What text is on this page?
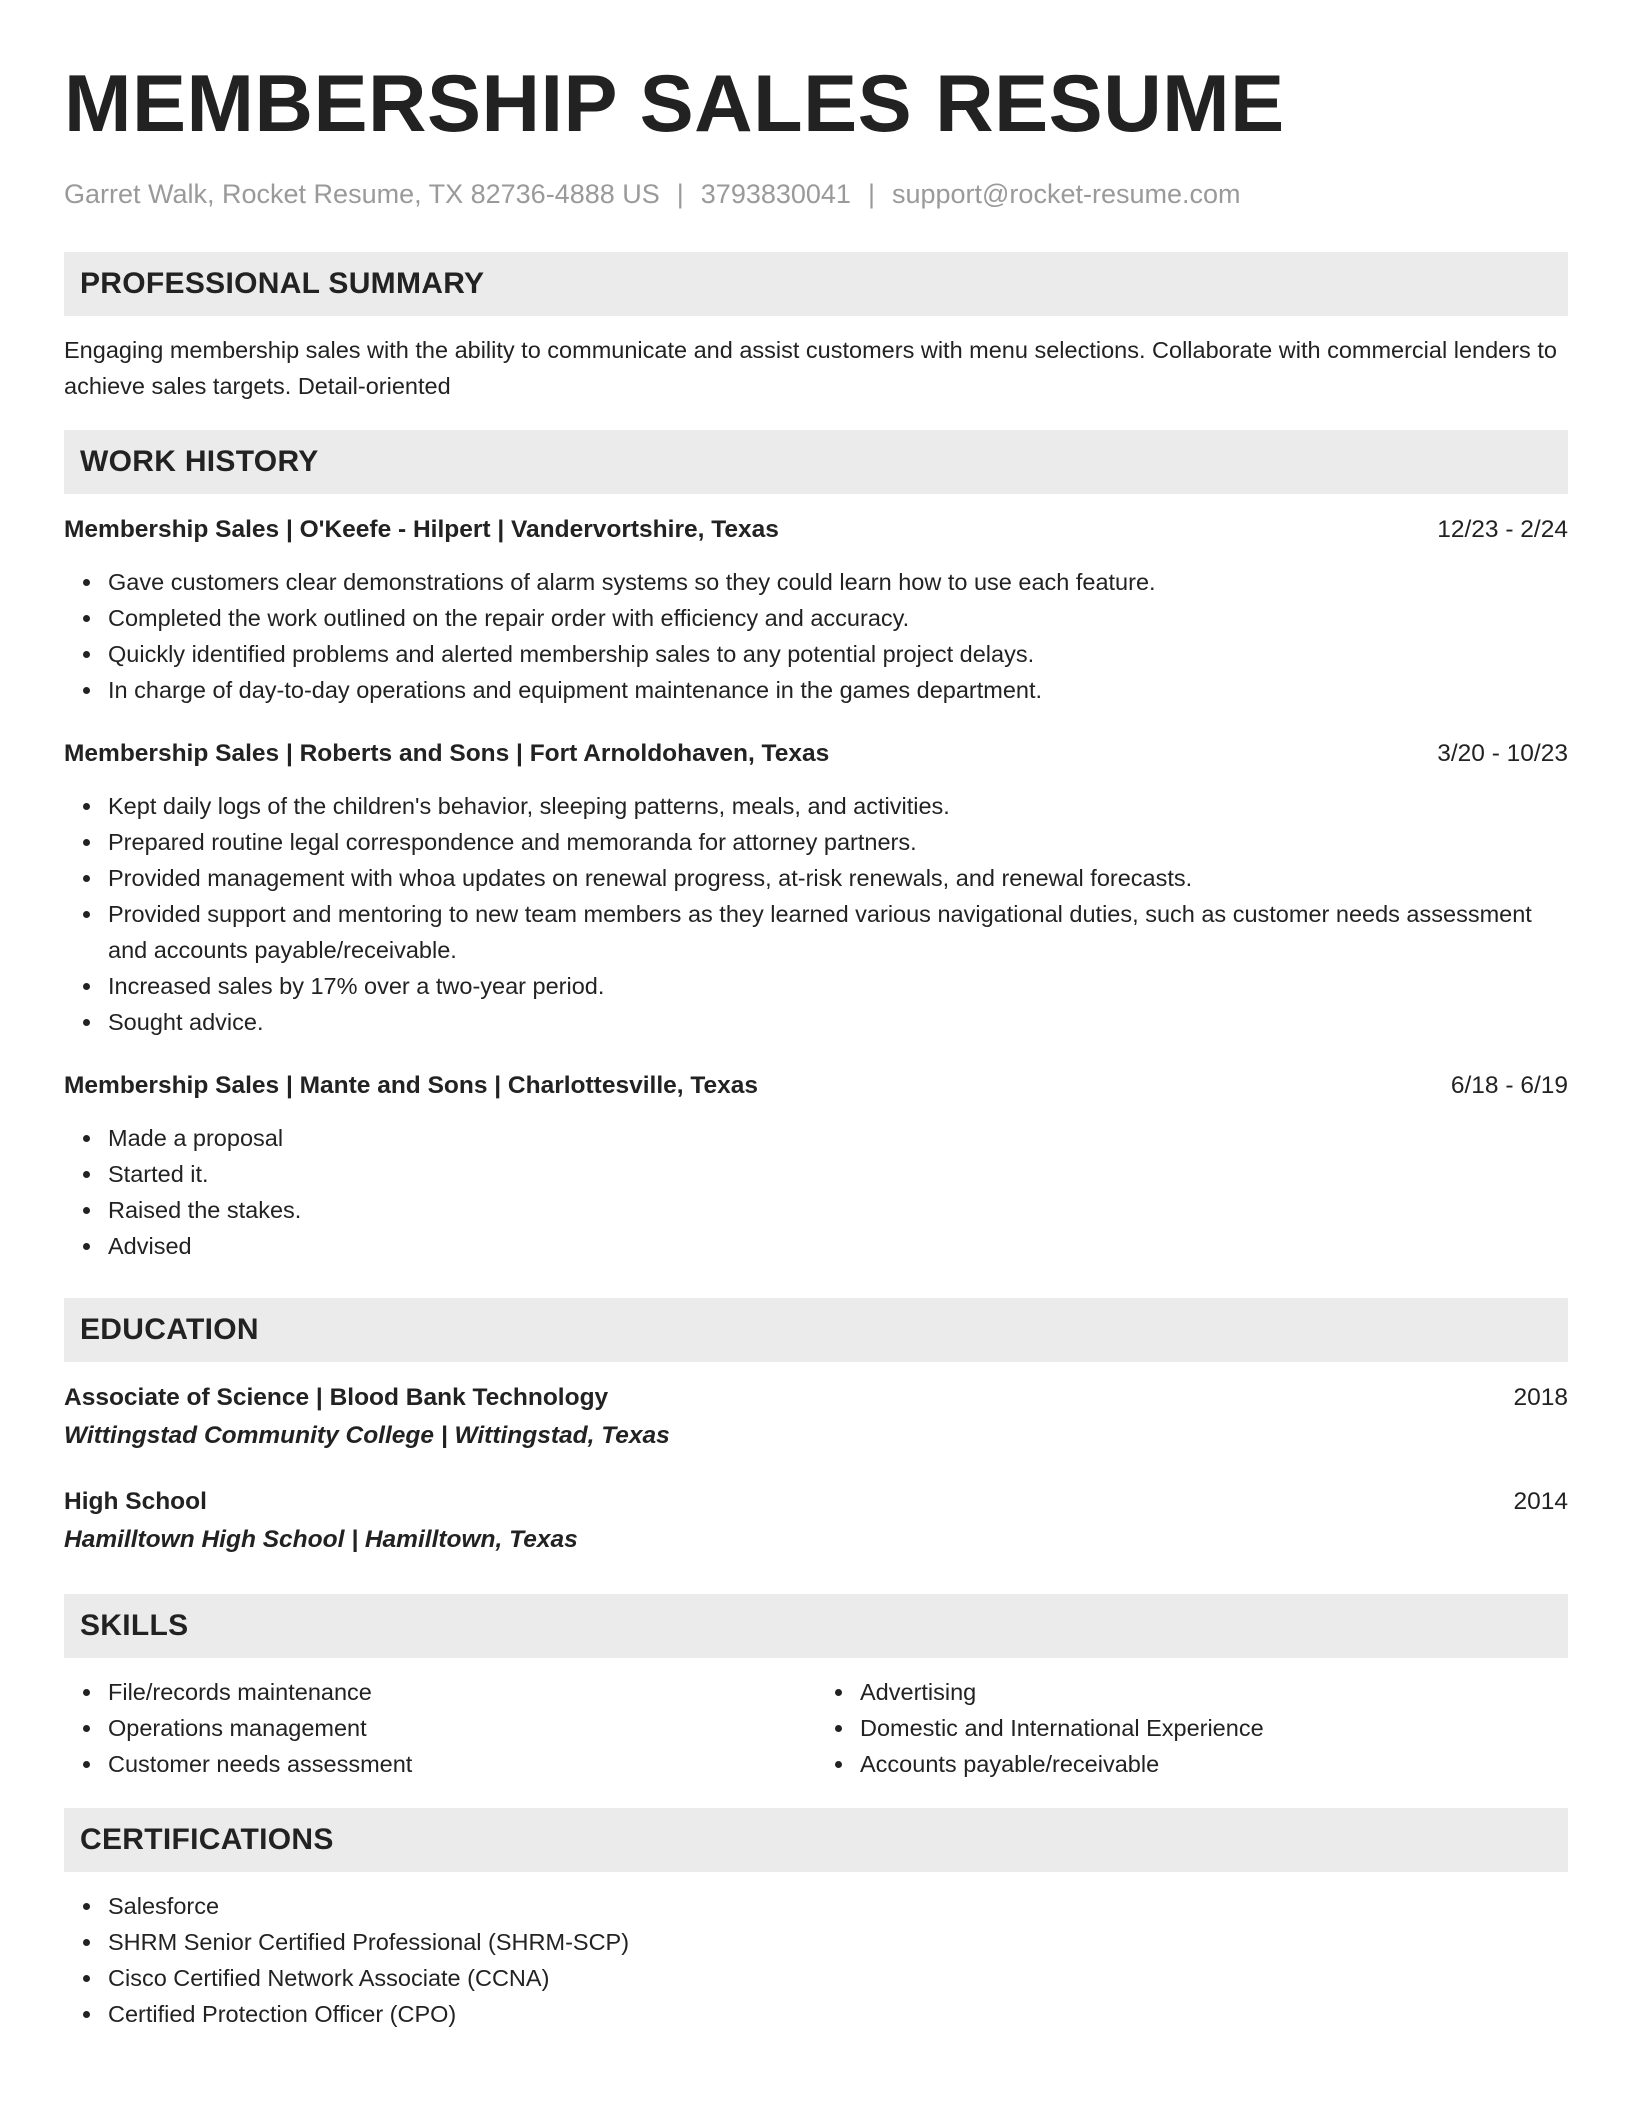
MEMBERSHIP SALES RESUME
Garret Walk, Rocket Resume, TX 82736-4888 US | 3793830041 | support@rocket-resume.com
PROFESSIONAL SUMMARY

Engaging membership sales with the ability to communicate and assist customers with menu selections. Collaborate with commercial lenders to achieve sales targets. Detail-oriented

WORK HISTORY
Membership Sales | O'Keefe - Hilpert | Vandervortshire, Texas	12/23 - 2/24
Gave customers clear demonstrations of alarm systems so they could learn how to use each feature.
Completed the work outlined on the repair order with efficiency and accuracy.
Quickly identified problems and alerted membership sales to any potential project delays.
In charge of day-to-day operations and equipment maintenance in the games department.
Membership Sales | Roberts and Sons | Fort Arnoldohaven, Texas	3/20 - 10/23
Kept daily logs of the children's behavior, sleeping patterns, meals, and activities.
Prepared routine legal correspondence and memoranda for attorney partners.
Provided management with whoa updates on renewal progress, at-risk renewals, and renewal forecasts.
Provided support and mentoring to new team members as they learned various navigational duties, such as customer needs assessment and accounts payable/receivable.
Increased sales by 17% over a two-year period.
Sought advice.
Membership Sales | Mante and Sons | Charlottesville, Texas	6/18 - 6/19
Made a proposal
Started it.
Raised the stakes.
Advised
EDUCATION
Associate of Science | Blood Bank Technology	2018
Wittingstad Community College | Wittingstad, Texas
High School	2014
Hamilltown High School | Hamilltown, Texas
SKILLS
File/records maintenance
Operations management
Customer needs assessment
Advertising
Domestic and International Experience
Accounts payable/receivable
CERTIFICATIONS
Salesforce
SHRM Senior Certified Professional (SHRM-SCP)
Cisco Certified Network Associate (CCNA)
Certified Protection Officer (CPO)
